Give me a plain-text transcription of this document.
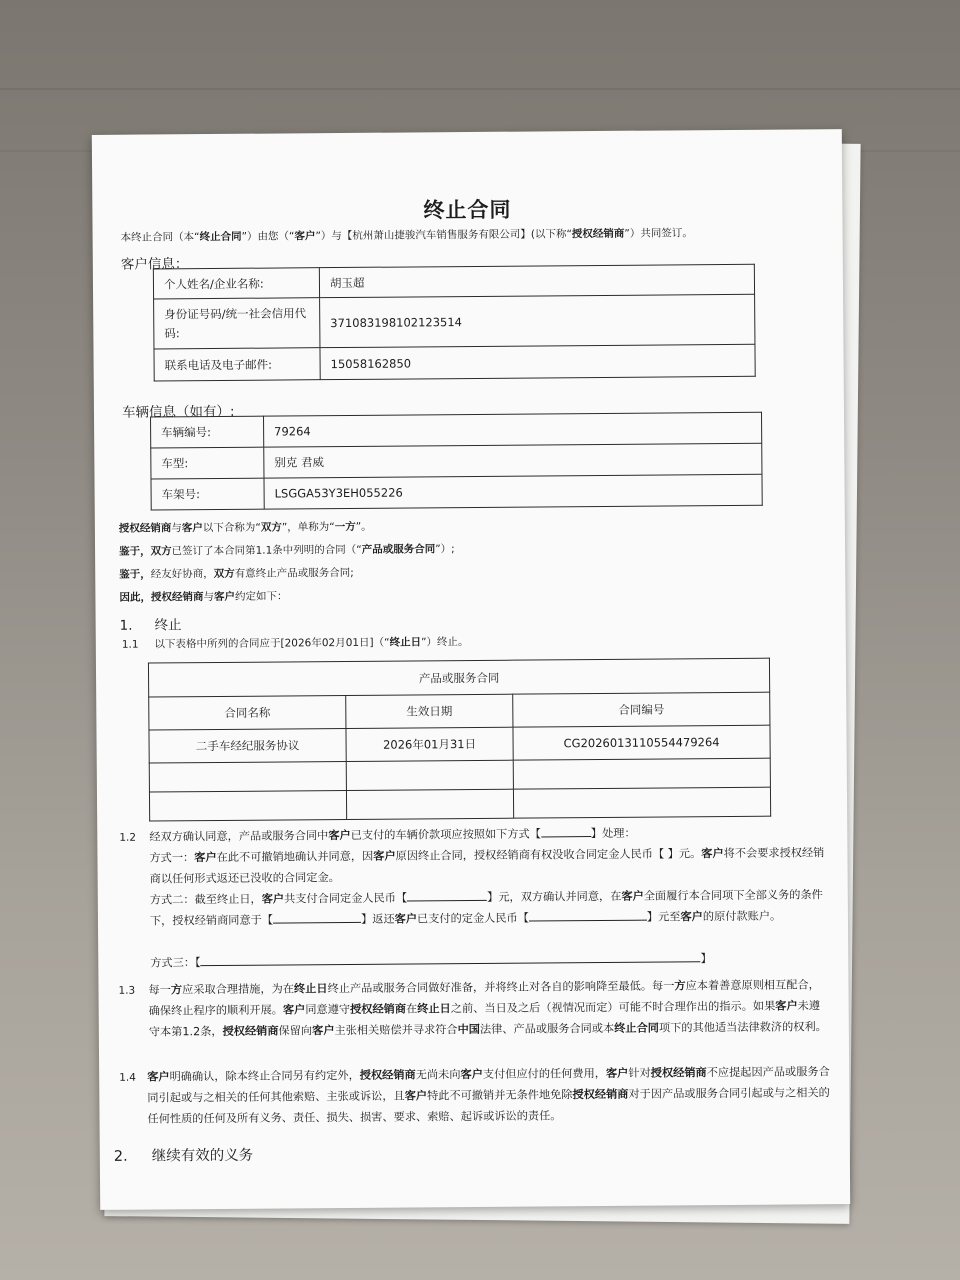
终止合同
本终止合同（本“终止合同”）由您（“客户”）与【杭州萧山捷骏汽车销售服务有限公司】(以下称“授权经销商”）共同签订。
客户信息：
个人姓名/企业名称:	胡玉超
身份证号码/统一社会信用代码:	371083198102123514
联系电话及电子邮件:	15058162850
车辆信息（如有）:
车辆编号:	79264
车型:	别克 君威
车架号:	LSGGA53Y3EH055226
授权经销商与客户以下合称为“双方”，单称为“一方”。
鉴于，双方已签订了本合同第1.1条中列明的合同（“产品或服务合同”）;
鉴于，经友好协商，双方有意终止产品或服务合同;
因此，授权经销商与客户约定如下：
1. 终止
1.1 以下表格中所列的合同应于[2026年02月01日]（“终止日”）终止。
产品或服务合同		
合同名称	生效日期	合同编号
二手车经纪服务协议	2026年01月31日	CG2026013110554479264

1.2 经双方确认同意，产品或服务合同中客户已支付的车辆价款项应按照如下方式【	】处理：
方式一：客户在此不可撤销地确认并同意，因客户原因终止合同，授权经销商有权没收合同定金人民币【 】元。客户将不会要求授权经销商以任何形式返还已没收的合同定金。
方式二：截至终止日，客户共支付合同定金人民币【	】元，双方确认并同意，在客户全面履行本合同项下全部义务的条件下，授权经销商同意于【	】返还客户已支付的定金人民币【	】元至客户的原付款账户。
方式三：【	】
1.3 每一方应采取合理措施，为在终止日终止产品或服务合同做好准备，并将终止对各自的影响降至最低。每一方应本着善意原则相互配合，确保终止程序的顺利开展。客户同意遵守授权经销商在终止日之前、当日及之后（视情况而定）可能不时合理作出的指示。如果客户未遵守本第1.2条，授权经销商保留向客户主张相关赔偿并寻求符合中国法律、产品或服务合同或本终止合同项下的其他适当法律救济的权利。
1.4 客户明确确认，除本终止合同另有约定外，授权经销商无尚未向客户支付但应付的任何费用，客户针对授权经销商不应提起因产品或服务合同引起或与之相关的任何其他索赔、主张或诉讼，且客户特此不可撤销并无条件地免除授权经销商对于因产品或服务合同引起或与之相关的任何性质的任何及所有义务、责任、损失、损害、要求、索赔、起诉或诉讼的责任。
2. 继续有效的义务
